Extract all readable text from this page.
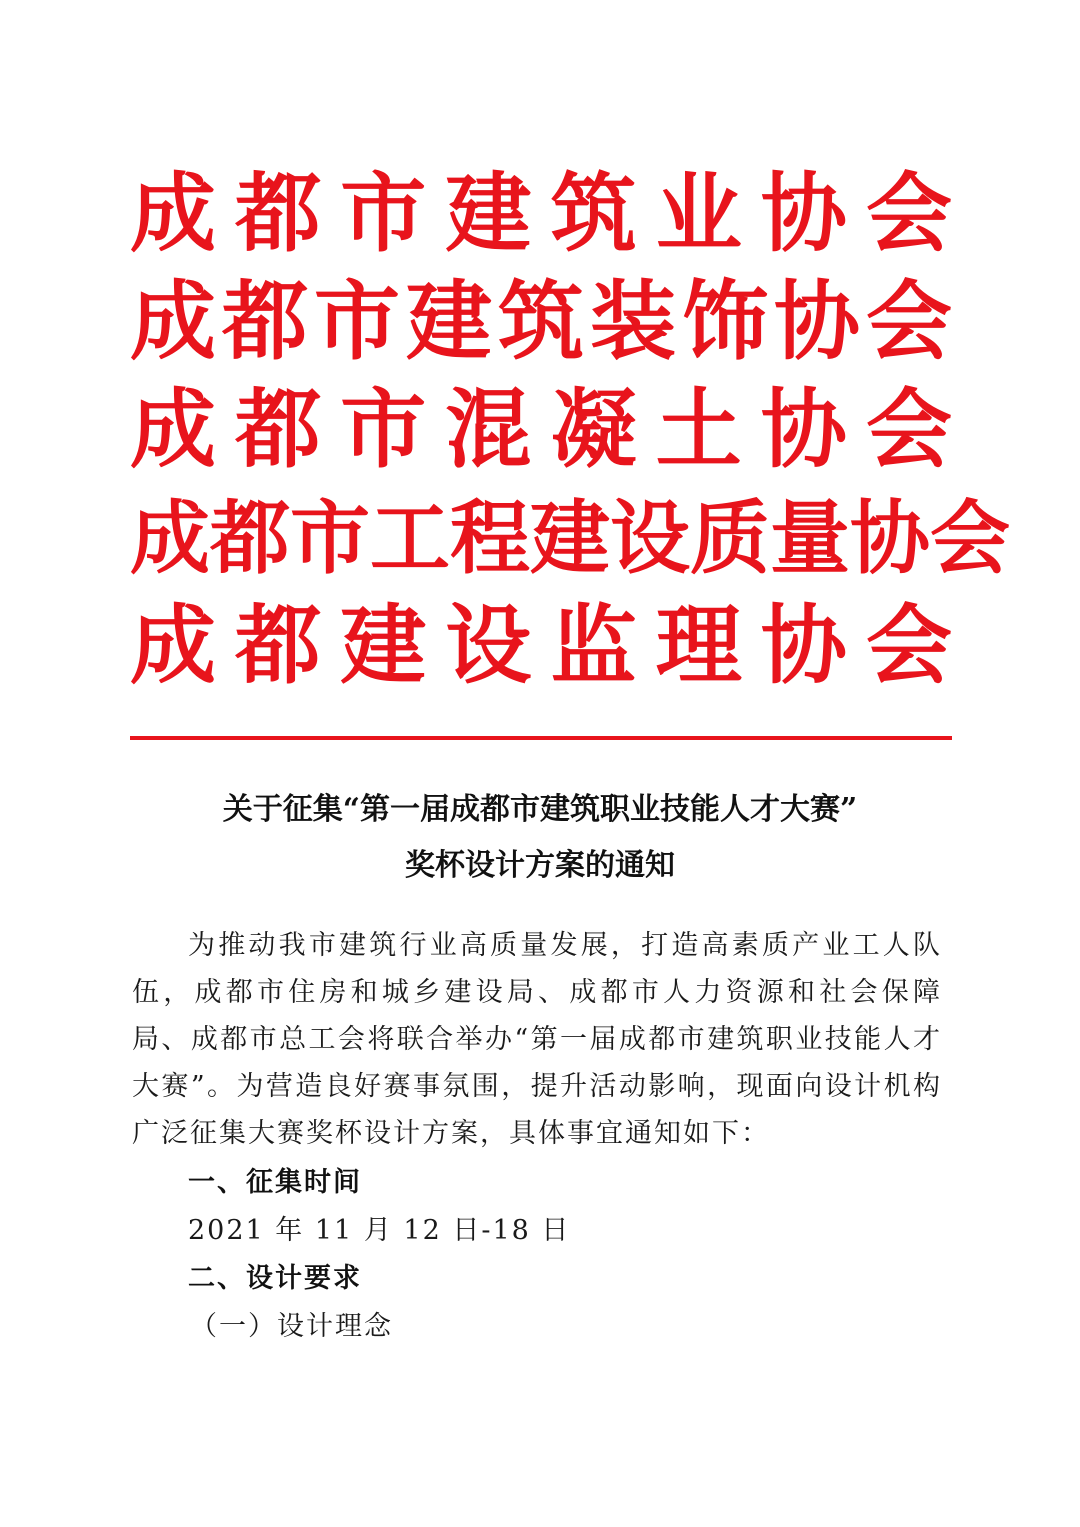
成 都 市 建 筑 业 协 会
成 都 市 建 筑 装 饰 协 会
成 都 市 混 凝 土 协 会
成 都 市 工 程 建 设 质 量 协 会
成 都 建 设 监 理 协 会
关于征集“第一届成都市建筑职业技能人才大赛”
奖杯设计方案的通知

为推动我市建筑行业高质量发展，打造高素质产业工人队伍，成都市住房和城乡建设局、成都市人力资源和社会保障局、成都市总工会将联合举办“第一届成都市建筑职业技能人才大赛”。为营造良好赛事氛围，提升活动影响，现面向设计机构广泛征集大赛奖杯设计方案，具体事宜通知如下：

一、征集时间
2021 年 11 月 12 日-18 日
二、设计要求
（一）设计理念
